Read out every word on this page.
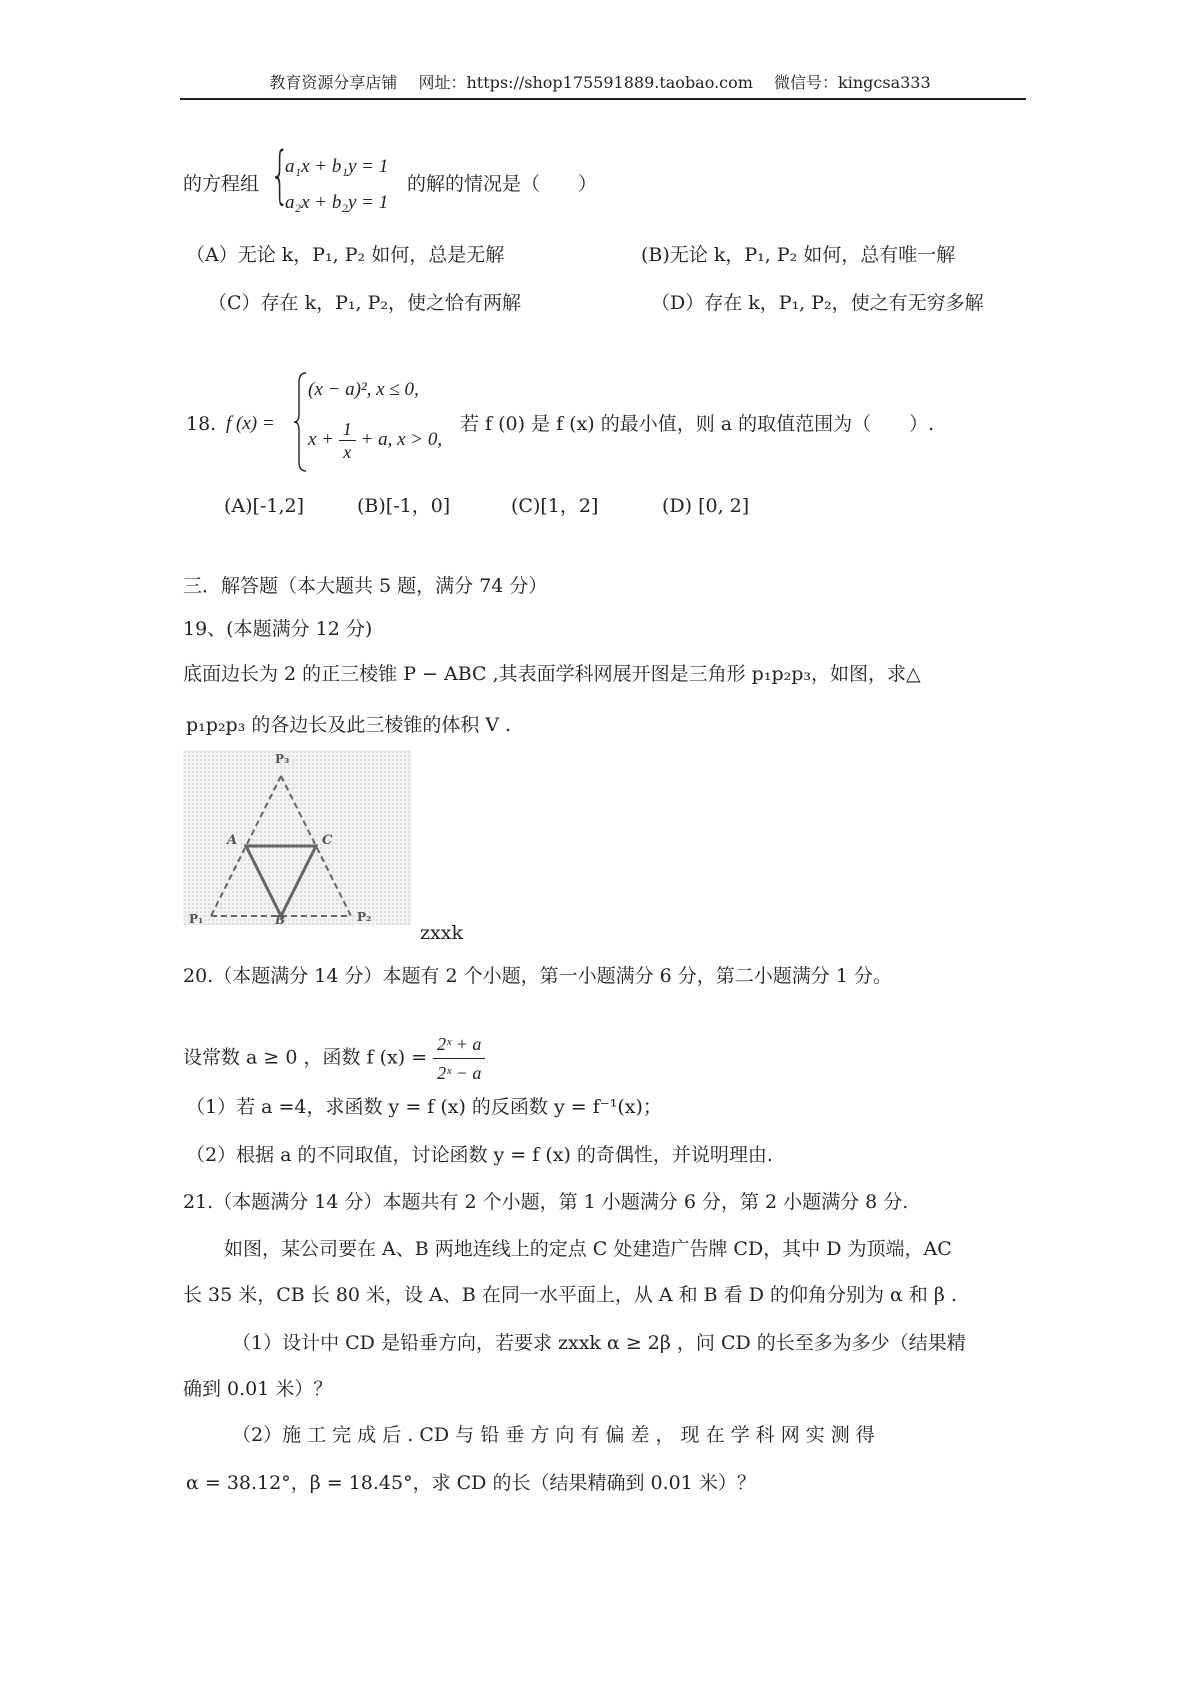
教育资源分享店铺 网址：https://shop175591889.taobao.com 微信号：kingcsa333
的方程组 {
a₁x + b₁y = 1
a₂x + b₂y = 1
的解的情况是（　　）
（A）无论 k，P₁, P₂ 如何，总是无解	(B)无论 k，P₁, P₂ 如何，总有唯一解
（C）存在 k，P₁, P₂，使之恰有两解	（D）存在 k，P₁, P₂，使之有无穷多解
18. f (x) =
(x − a)², x ≤ 0,
$x + \frac{1}{x} + a$, x > 0,
若 f (0) 是 f (x) 的最小值，则 a 的取值范围为（　　）.
(A)[-1,2]	(B)[-1，0]	(C)[1，2]	(D) [0, 2]
三．解答题（本大题共 5 题，满分 74 分）
19、(本题满分 12 分)
底面边长为 2 的正三棱锥 P − ABC ,其表面学科网展开图是三角形 p₁p₂p₃，如图，求△
p₁p₂p₃ 的各边长及此三棱锥的体积 V .
P₃
A	C
P₁	B	P₂
zxxk
20.（本题满分 14 分）本题有 2 个小题，第一小题满分 6 分，第二小题满分 1 分。
设常数 a ≥ 0 ，函数 f $(x) = \frac{\text{2ˣ + a}}{\text{2ˣ − a}}$
（1）若 a =4，求函数 y = f (x) 的反函数 y = f⁻¹(x)；
（2）根据 a 的不同取值，讨论函数 y = f (x) 的奇偶性，并说明理由.
21.（本题满分 14 分）本题共有 2 个小题，第 1 小题满分 6 分，第 2 小题满分 8 分.
如图，某公司要在 A、B 两地连线上的定点 C 处建造广告牌 CD，其中 D 为顶端，AC
长 35 米，CB 长 80 米，设 A、B 在同一水平面上，从 A 和 B 看 D 的仰角分别为 α 和 β .
（1）设计中 CD 是铅垂方向，若要求 zxxk α ≥ 2β ，问 CD 的长至多为多少（结果精
确到 0.01 米）？
（2）施 工 完 成 后 . CD 与 铅 垂 方 向 有 偏 差 ， 现 在 学 科 网 实 测 得
α = 38.12°，β = 18.45°，求 CD 的长（结果精确到 0.01 米）？
